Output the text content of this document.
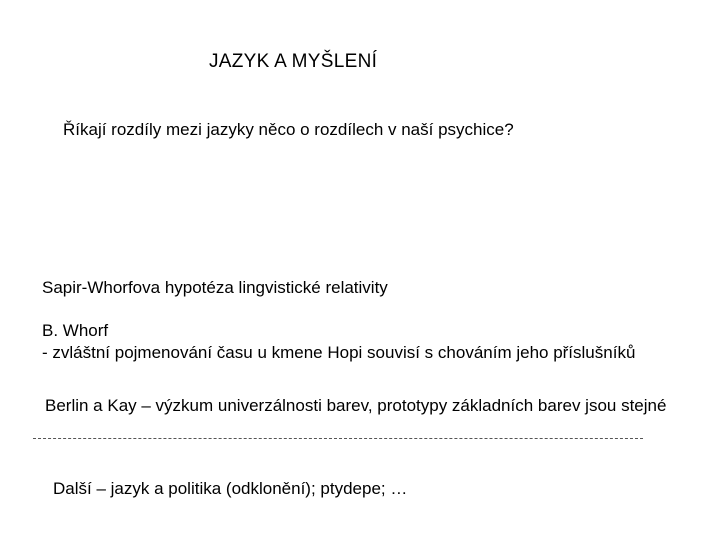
JAZYK A MYŠLENÍ
Říkají rozdíly mezi jazyky něco o rozdílech v naší psychice?
Sapir-Whorfova hypotéza lingvistické relativity
B. Whorf
- zvláštní pojmenování času u kmene Hopi souvisí s chováním jeho příslušníků
Berlin a Kay – výzkum univerzálnosti barev, prototypy základních barev jsou stejné
Další – jazyk a politika (odklonění); ptydepe; …
